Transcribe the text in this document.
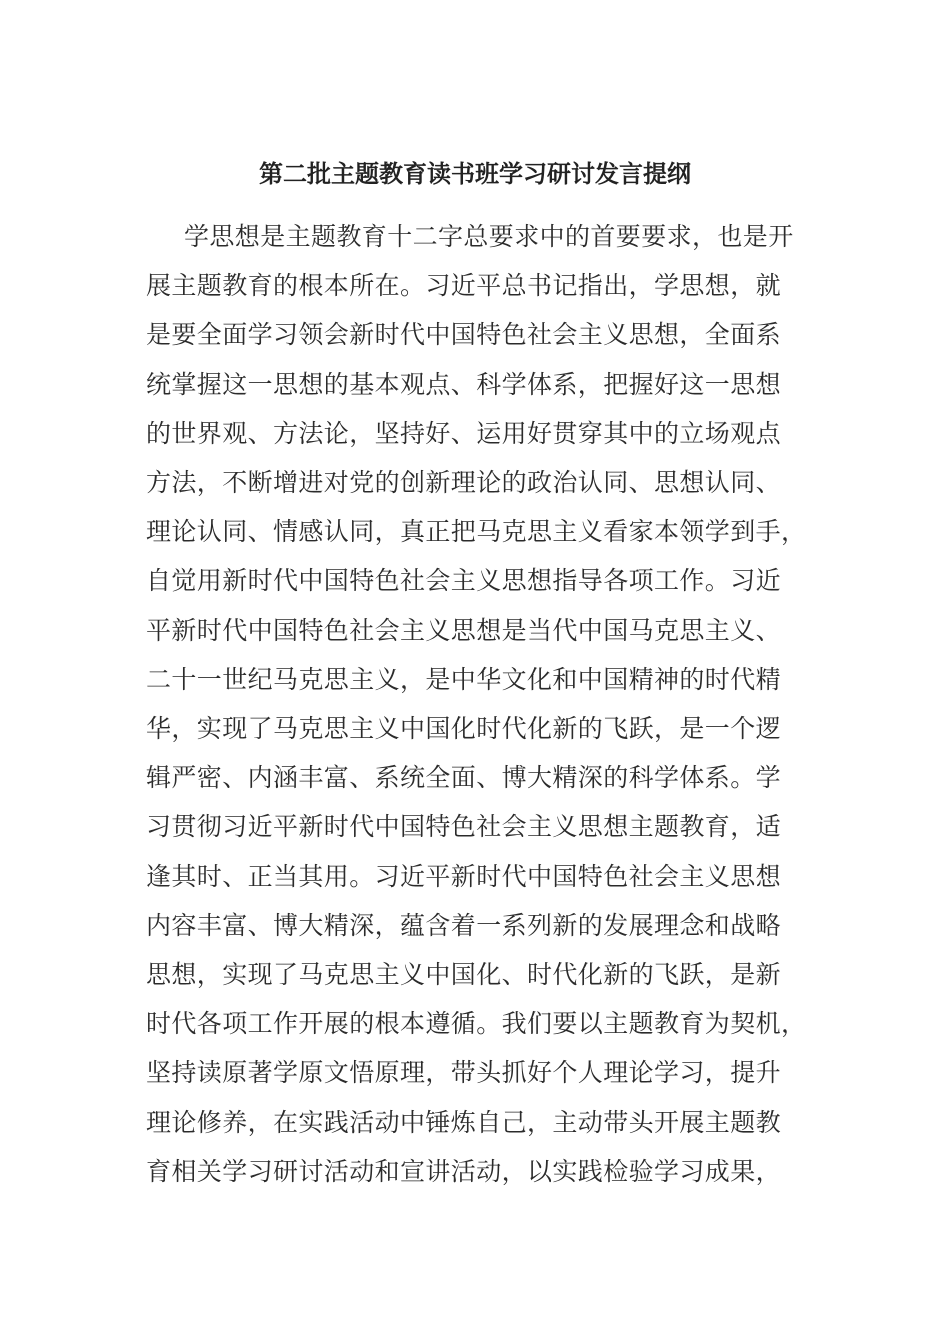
第二批主题教育读书班学习研讨发言提纲
学思想是主题教育十二字总要求中的首要要求，也是开
展主题教育的根本所在。习近平总书记指出，学思想，就
是要全面学习领会新时代中国特色社会主义思想，全面系
统掌握这一思想的基本观点、科学体系，把握好这一思想
的世界观、方法论，坚持好、运用好贯穿其中的立场观点
方法，不断增进对党的创新理论的政治认同、思想认同、
理论认同、情感认同，真正把马克思主义看家本领学到手，
自觉用新时代中国特色社会主义思想指导各项工作。习近
平新时代中国特色社会主义思想是当代中国马克思主义、
二十一世纪马克思主义，是中华文化和中国精神的时代精
华，实现了马克思主义中国化时代化新的飞跃，是一个逻
辑严密、内涵丰富、系统全面、博大精深的科学体系。学
习贯彻习近平新时代中国特色社会主义思想主题教育，适
逢其时、正当其用。习近平新时代中国特色社会主义思想
内容丰富、博大精深，蕴含着一系列新的发展理念和战略
思想，实现了马克思主义中国化、时代化新的飞跃，是新
时代各项工作开展的根本遵循。我们要以主题教育为契机，
坚持读原著学原文悟原理，带头抓好个人理论学习，提升
理论修养，在实践活动中锤炼自己，主动带头开展主题教
育相关学习研讨活动和宣讲活动，以实践检验学习成果，
